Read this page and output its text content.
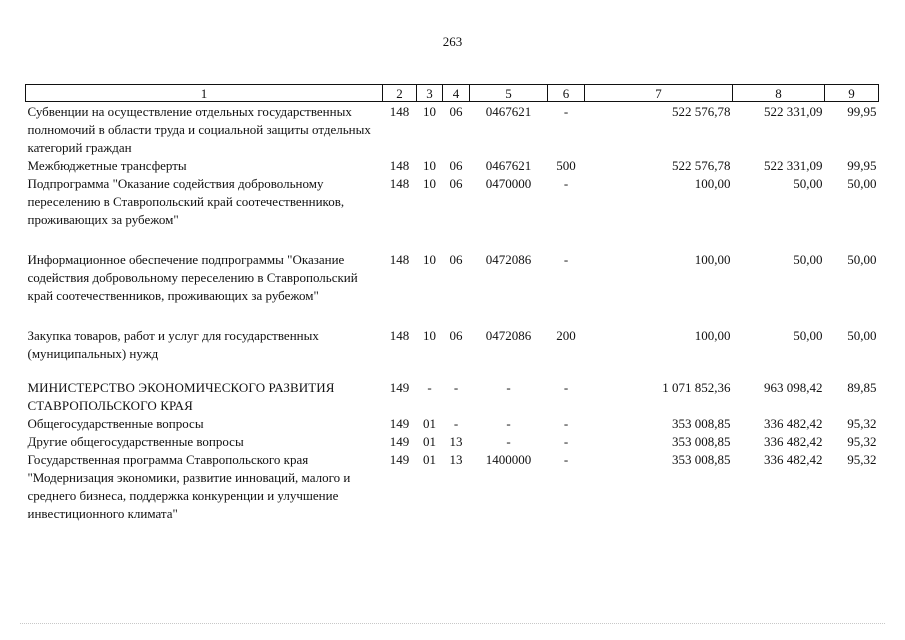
263
1	2	3	4	5	6	7	8	9
Субвенции на осуществление отдельных государственных полномочий в области труда и социальной защиты отдельных категорий граждан	148	10	06	0467621	-	522 576,78	522 331,09	99,95
Межбюджетные трансферты	148	10	06	0467621	500	522 576,78	522 331,09	99,95
Подпрограмма "Оказание содействия добровольному переселению в Ставропольский край соотечественников, проживающих за рубежом"	148	10	06	0470000	-	100,00	50,00	50,00
Информационное обеспечение подпрограммы "Оказание содействия добровольному переселению в Ставропольский край соотечественников, проживающих за рубежом"	148	10	06	0472086	-	100,00	50,00	50,00
Закупка товаров, работ и услуг для государственных (муниципальных) нужд	148	10	06	0472086	200	100,00	50,00	50,00
МИНИСТЕРСТВО ЭКОНОМИЧЕСКОГО РАЗВИТИЯ СТАВРОПОЛЬСКОГО КРАЯ	149	-	-	-	-	1 071 852,36	963 098,42	89,85
Общегосударственные вопросы	149	01	-	-	-	353 008,85	336 482,42	95,32
Другие общегосударственные вопросы	149	01	13	-	-	353 008,85	336 482,42	95,32
Государственная программа Ставропольского края "Модернизация экономики, развитие инноваций, малого и среднего бизнеса, поддержка конкуренции и улучшение инвестиционного климата"	149	01	13	1400000	-	353 008,85	336 482,42	95,32
